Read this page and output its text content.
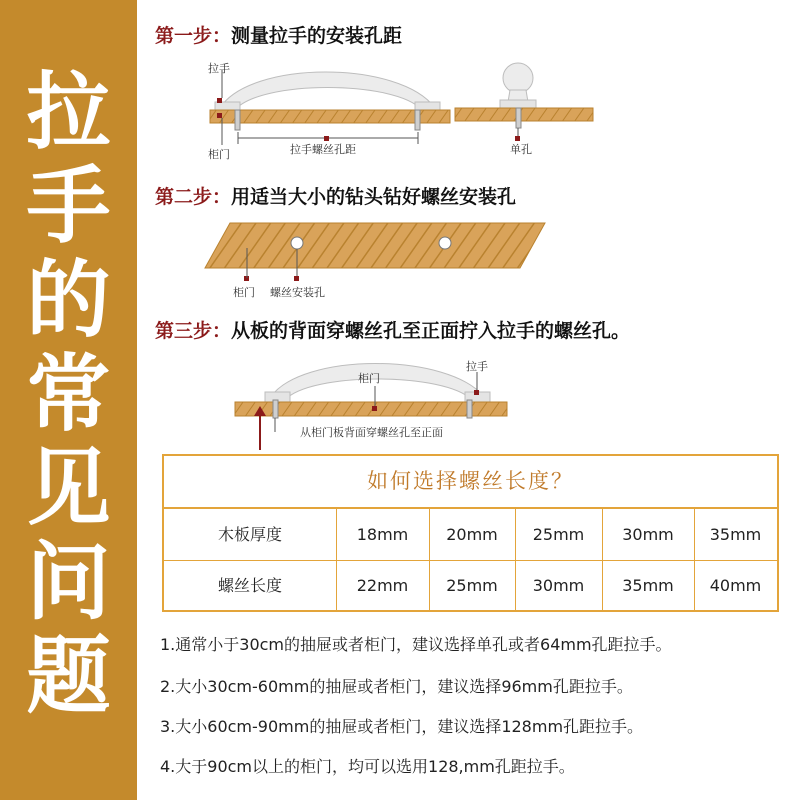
拉
手
的
常
见
问
题
第一步：测量拉手的安装孔距
拉手
柜门	拉手螺丝孔距	单孔
第二步：用适当大小的钻头钻好螺丝安装孔
柜门 螺丝安装孔
第三步：从板的背面穿螺丝孔至正面拧入拉手的螺丝孔。
柜门
拉手
从柜门板背面穿螺丝孔至正面
如何选择螺丝长度？
木板厚度	18mm	20mm	25mm	30mm	35mm
螺丝长度	22mm	25mm	30mm	35mm	40mm
1.通常小于30cm的抽屉或者柜门，建议选择单孔或者64mm孔距拉手。
2.大小30cm-60mm的抽屉或者柜门，建议选择96mm孔距拉手。
3.大小60cm-90mm的抽屉或者柜门，建议选择128mm孔距拉手。
4.大于90cm以上的柜门，均可以选用128,mm孔距拉手。
